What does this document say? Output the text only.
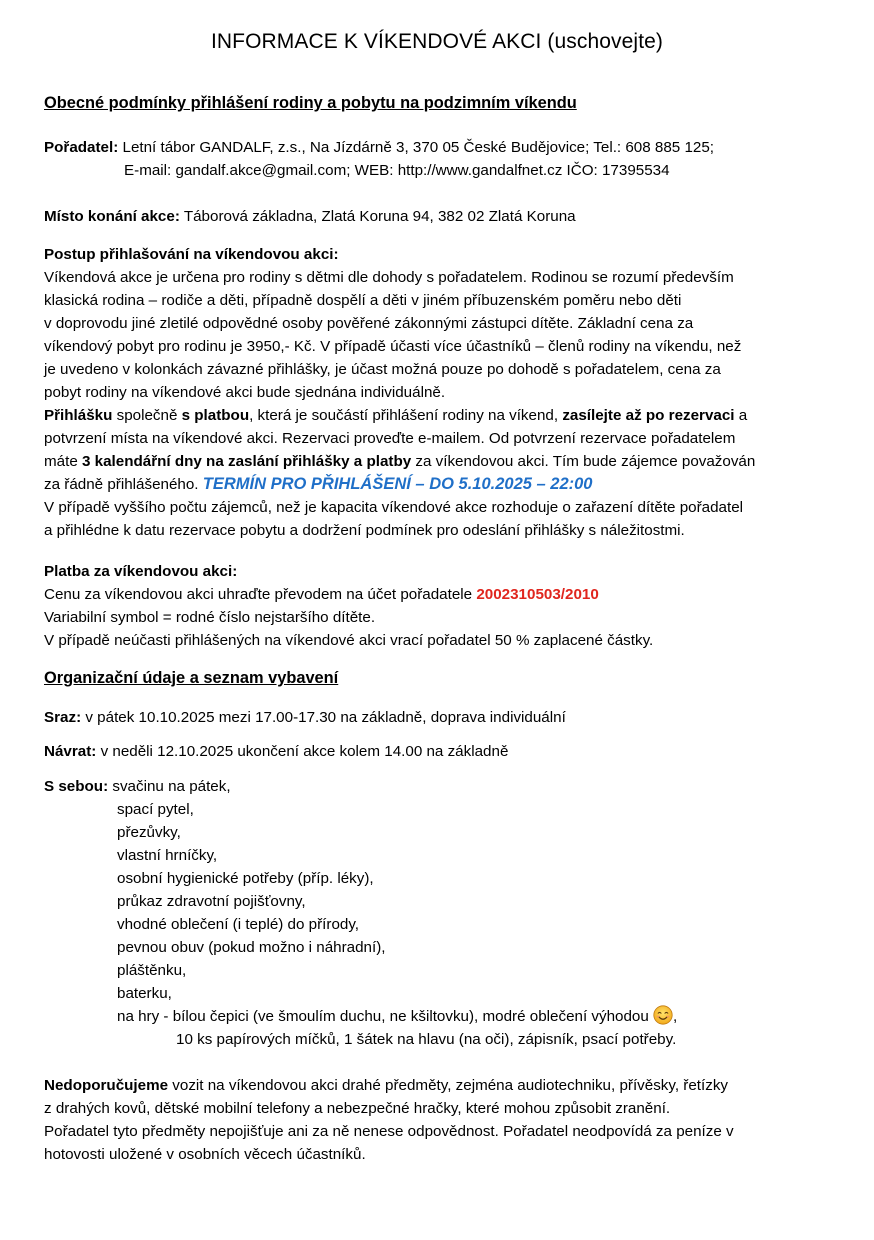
INFORMACE K VÍKENDOVÉ AKCI (uschovejte)

Obecné podmínky přihlášení rodiny a pobytu na podzimním víkendu

Pořadatel: Letní tábor GANDALF, z.s., Na Jízdárně 3, 370 05 České Budějovice; Tel.: 608 885 125;

E-mail: gandalf.akce@gmail.com; WEB: http://www.gandalfnet.cz IČO: 17395534

Místo konání akce: Táborová základna, Zlatá Koruna 94, 382 02 Zlatá Koruna

Postup přihlašování na víkendovou akci:

Víkendová akce je určena pro rodiny s dětmi dle dohody s pořadatelem. Rodinou se rozumí především

klasická rodina – rodiče a děti, případně dospělí a děti v jiném příbuzenském poměru nebo děti

v doprovodu jiné zletilé odpovědné osoby pověřené zákonnými zástupci dítěte. Základní cena za

víkendový pobyt pro rodinu je 3950,- Kč. V případě účasti více účastníků – členů rodiny na víkendu, než

je uvedeno v kolonkách závazné přihlášky, je účast možná pouze po dohodě s pořadatelem, cena za

pobyt rodiny na víkendové akci bude sjednána individuálně.

Přihlášku společně s platbou, která je součástí přihlášení rodiny na víkend, zasílejte až po rezervaci a

potvrzení místa na víkendové akci. Rezervaci proveďte e-mailem. Od potvrzení rezervace pořadatelem

máte 3 kalendářní dny na zaslání přihlášky a platby za víkendovou akci. Tím bude zájemce považován

za řádně přihlášeného. TERMÍN PRO PŘIHLÁŠENÍ – DO 5.10.2025 – 22:00

V případě vyššího počtu zájemců, než je kapacita víkendové akce rozhoduje o zařazení dítěte pořadatel

a přihlédne k datu rezervace pobytu a dodržení podmínek pro odeslání přihlášky s náležitostmi.

Platba za víkendovou akci:

Cenu za víkendovou akci uhraďte převodem na účet pořadatele 2002310503/2010

Variabilní symbol = rodné číslo nejstaršího dítěte.

V případě neúčasti přihlášených na víkendové akci vrací pořadatel 50 % zaplacené částky.

Organizační údaje a seznam vybavení

Sraz: v pátek 10.10.2025 mezi 17.00-17.30 na základně, doprava individuální

Návrat: v neděli 12.10.2025 ukončení akce kolem 14.00 na základně

S sebou: svačinu na pátek,

spací pytel,

přezůvky,

vlastní hrníčky,

osobní hygienické potřeby (příp. léky),

průkaz zdravotní pojišťovny,

vhodné oblečení (i teplé) do přírody,

pevnou obuv (pokud možno i náhradní),

pláštěnku,

baterku,

na hry - bílou čepici (ve šmoulím duchu, ne kšiltovku), modré oblečení výhodou ,

10 ks papírových míčků, 1 šátek na hlavu (na oči), zápisník, psací potřeby.

Nedoporučujeme vozit na víkendovou akci drahé předměty, zejména audiotechniku, přívěsky, řetízky

z drahých kovů, dětské mobilní telefony a nebezpečné hračky, které mohou způsobit zranění.

Pořadatel tyto předměty nepojišťuje ani za ně nenese odpovědnost. Pořadatel neodpovídá za peníze v

hotovosti uložené v osobních věcech účastníků.
